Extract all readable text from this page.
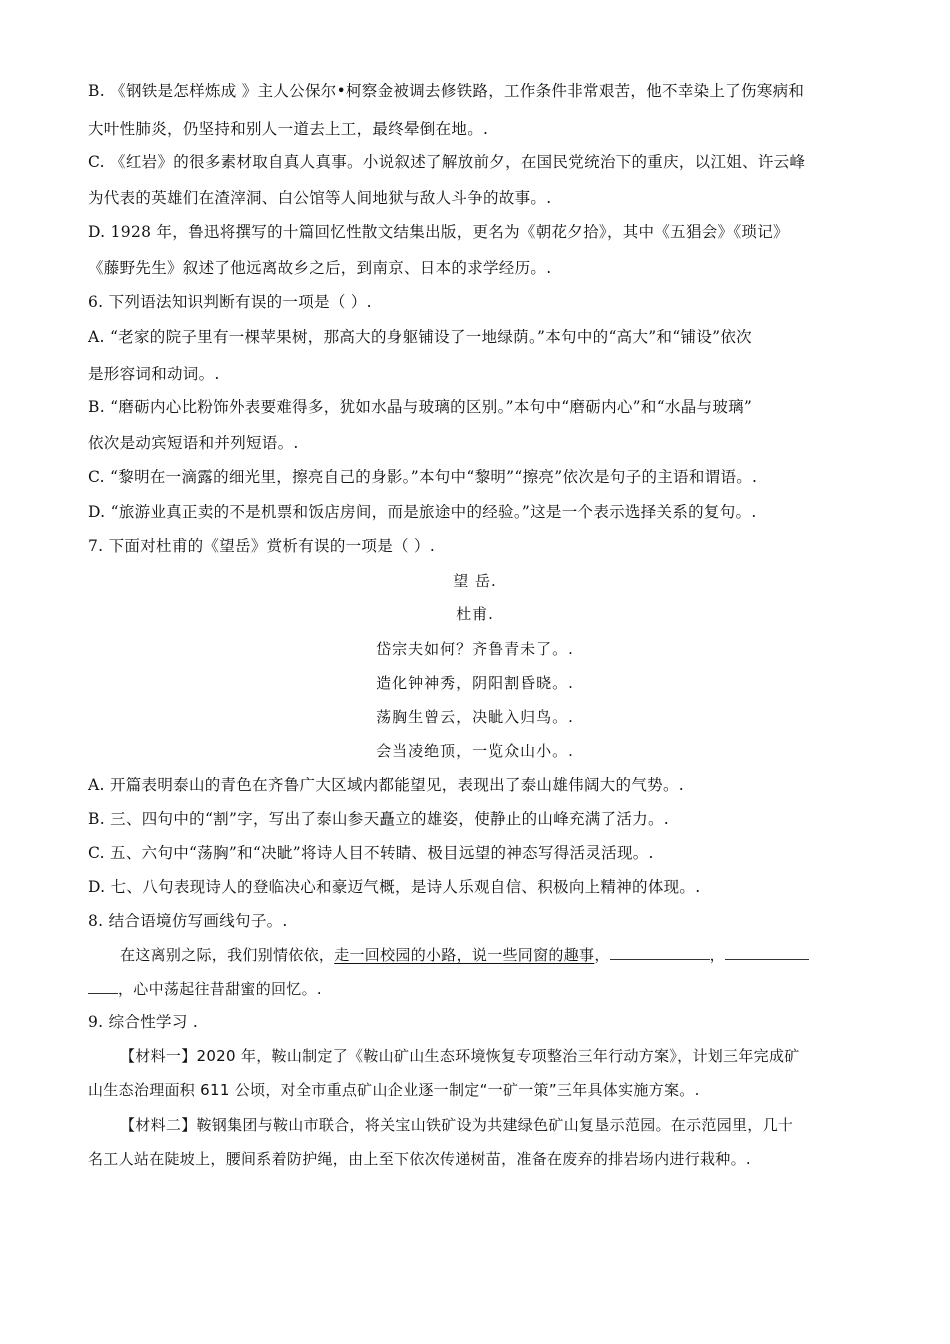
B. 《钢铁是怎样炼成 》主人公保尔•柯察金被调去修铁路，工作条件非常艰苦，他不幸染上了伤寒病和
大叶性肺炎，仍坚持和别人一道去上工，最终晕倒在地。.
C. 《红岩》的很多素材取自真人真事。小说叙述了解放前夕，在国民党统治下的重庆，以江姐、许云峰
为代表的英雄们在渣滓洞、白公馆等人间地狱与敌人斗争的故事。.
D. 1928 年，鲁迅将撰写的十篇回忆性散文结集出版，更名为《朝花夕拾》，其中《五猖会》《琐记》
《藤野先生》叙述了他远离故乡之后，到南京、日本的求学经历。.
6. 下列语法知识判断有误的一项是（ ）.
A. “老家的院子里有一棵苹果树，那高大的身躯铺设了一地绿荫。”本句中的“高大”和“铺设”依次
是形容词和动词。.
B. “磨砺内心比粉饰外表要难得多，犹如水晶与玻璃的区别。”本句中“磨砺内心”和“水晶与玻璃”
依次是动宾短语和并列短语。.
C. “黎明在一滴露的细光里，擦亮自己的身影。”本句中“黎明”“擦亮”依次是句子的主语和谓语。.
D. “旅游业真正卖的不是机票和饭店房间，而是旅途中的经验。”这是一个表示选择关系的复句。.
7. 下面对杜甫的《望岳》赏析有误的一项是（ ）.
望 岳.
杜甫.
岱宗夫如何？齐鲁青未了。.
造化钟神秀，阴阳割昏晓。.
荡胸生曾云，决眦入归鸟。.
会当凌绝顶，一览众山小。.
A. 开篇表明泰山的青色在齐鲁广大区域内都能望见，表现出了泰山雄伟阔大的气势。.
B. 三、四句中的“割”字，写出了泰山参天矗立的雄姿，使静止的山峰充满了活力。.
C. 五、六句中“荡胸”和“决眦”将诗人目不转睛、极目远望的神态写得活灵活现。.
D. 七、八句表现诗人的登临决心和豪迈气概，是诗人乐观自信、积极向上精神的体现。.
8. 结合语境仿写画线句子。.
在这离别之际，我们别情依依，走一回校园的小路，说一些同窗的趣事，	，
，心中荡起往昔甜蜜的回忆。.
9. 综合性学习 .
【材料一】2020 年，鞍山制定了《鞍山矿山生态环境恢复专项整治三年行动方案》，计划三年完成矿
山生态治理面积 611 公顷，对全市重点矿山企业逐一制定“一矿一策”三年具体实施方案。.
【材料二】鞍钢集团与鞍山市联合，将关宝山铁矿设为共建绿色矿山复垦示范园。在示范园里，几十
名工人站在陡坡上，腰间系着防护绳，由上至下依次传递树苗，准备在废弃的排岩场内进行栽种。.
